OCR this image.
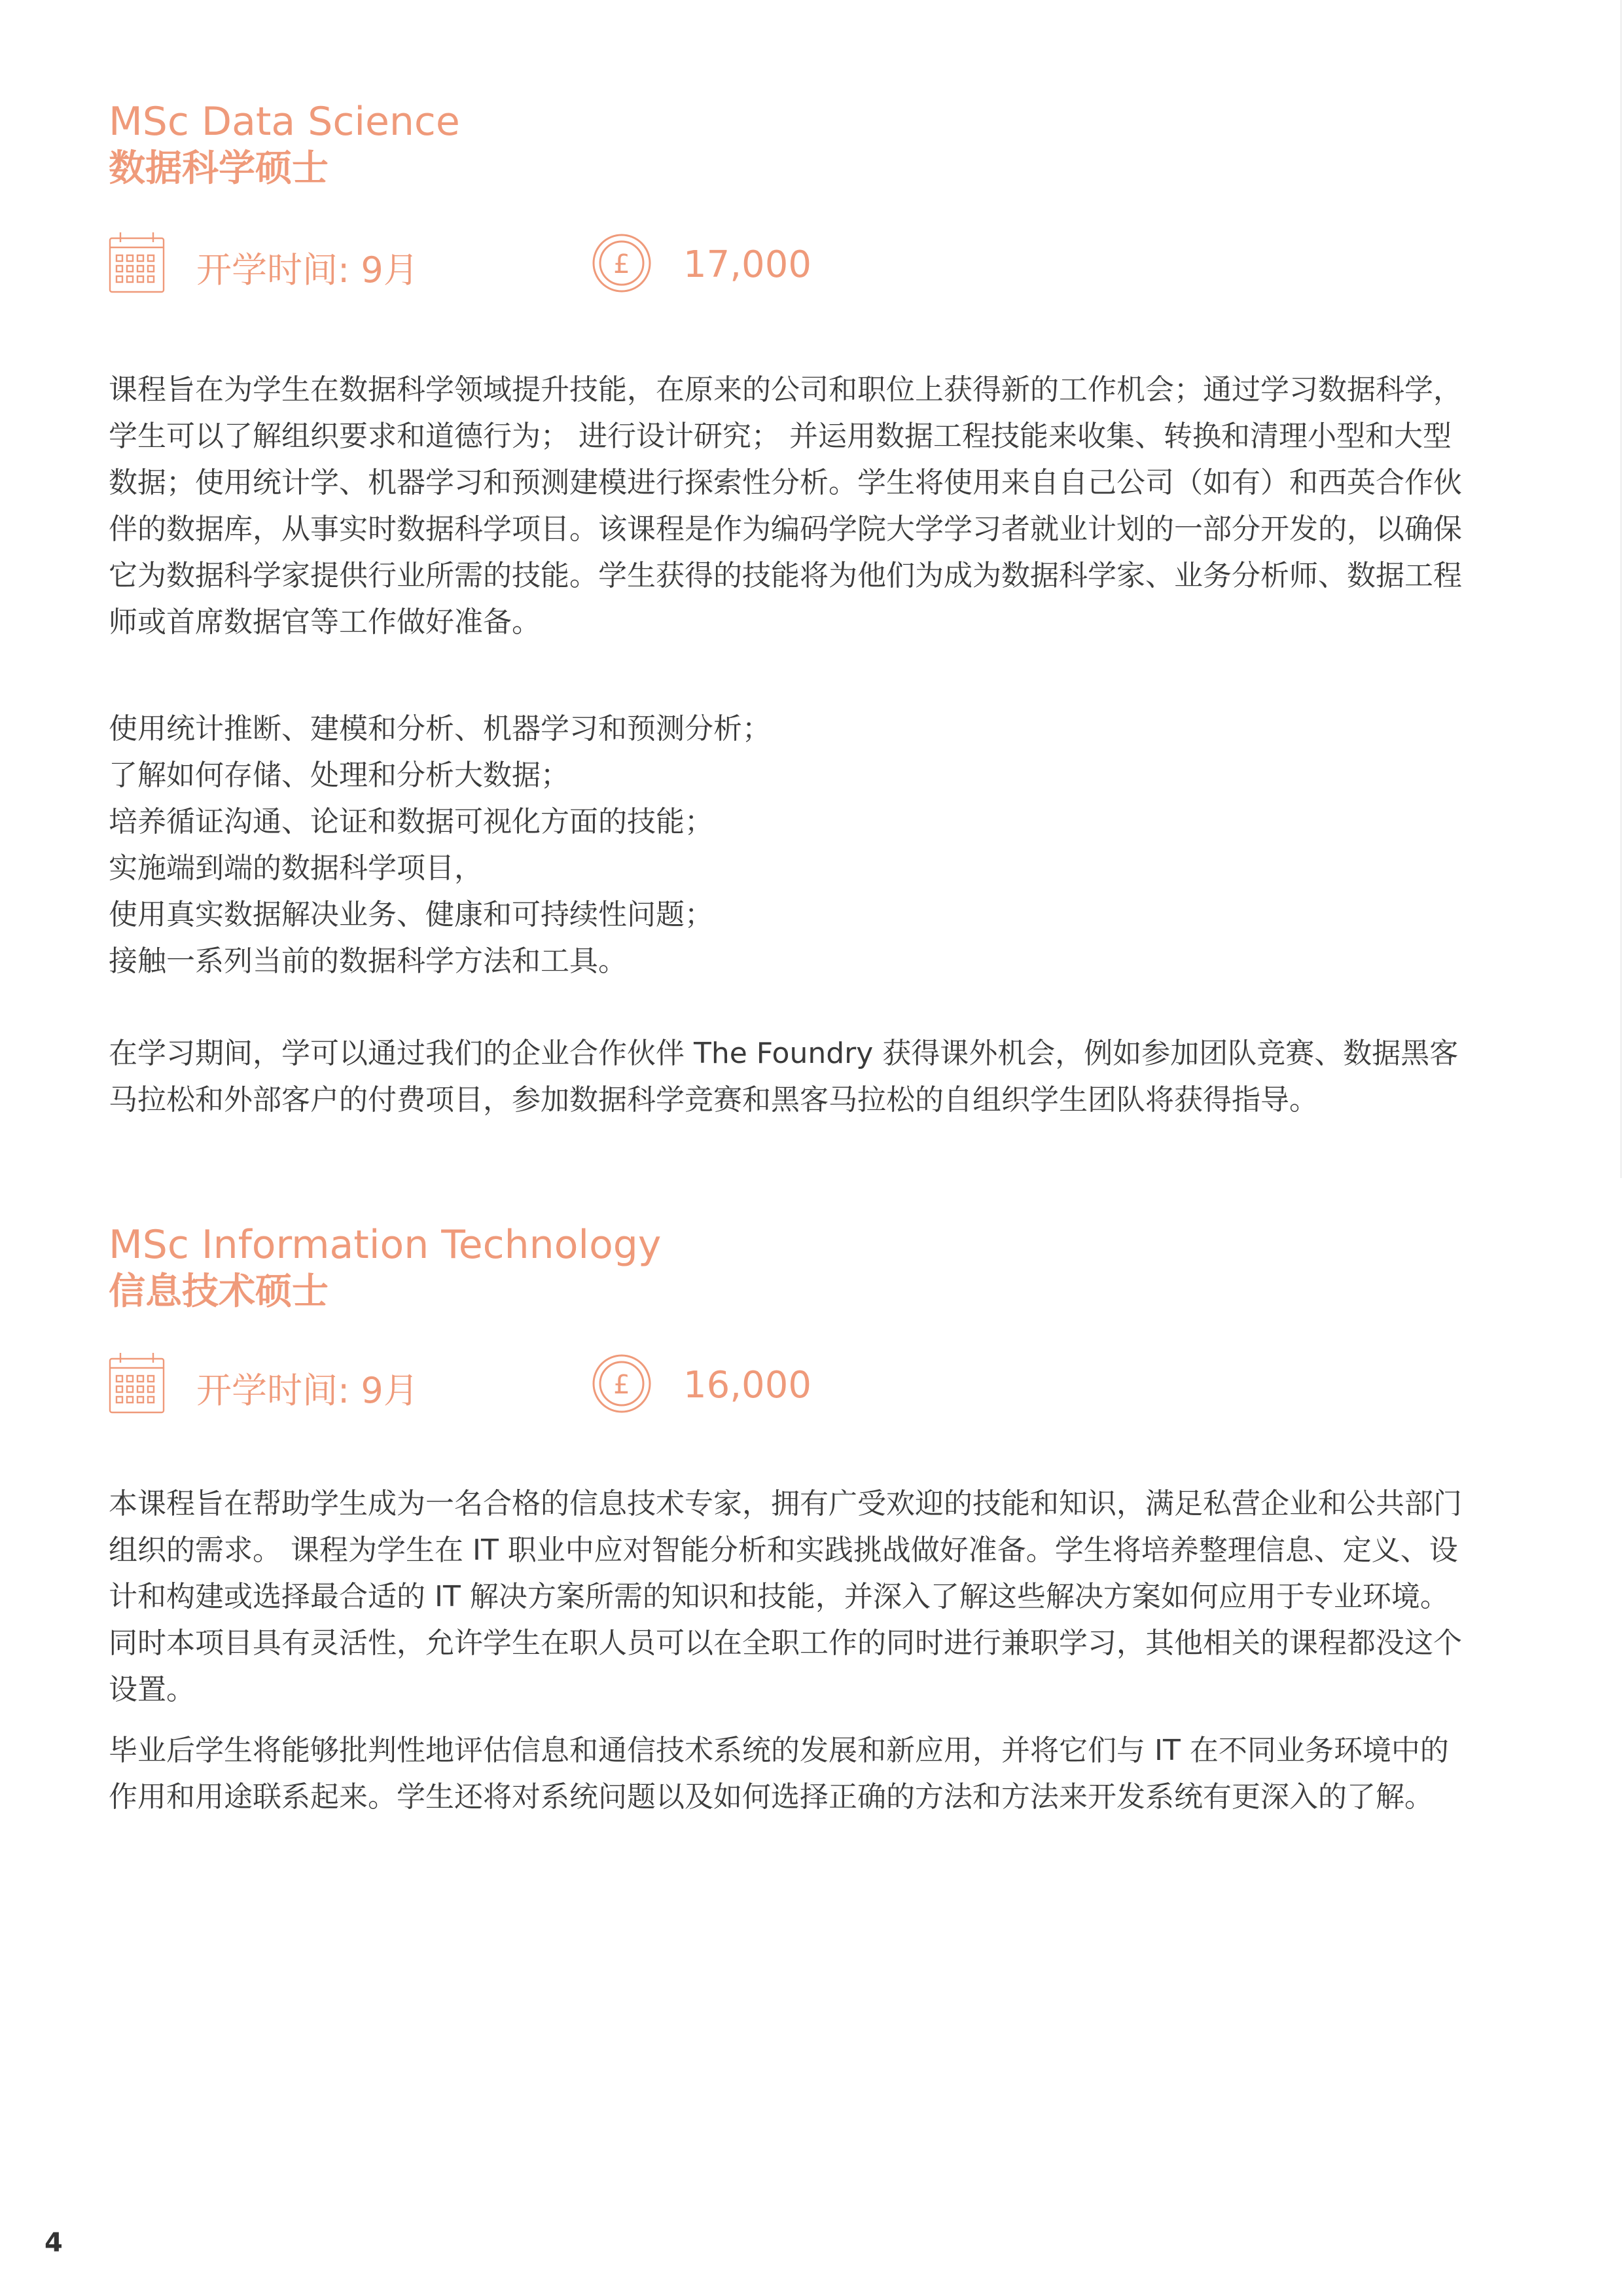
MSc Data Science
数据科学硕士
开学时间: 9月	£ 17,000

课程旨在为学生在数据科学领域提升技能，在原来的公司和职位上获得新的工作机会；通过学习数据科学，学生可以了解组织要求和道德行为； 进行设计研究； 并运用数据工程技能来收集、转换和清理小型和大型数据；使用统计学、机器学习和预测建模进行探索性分析。学生将使用来自自己公司（如有）和西英合作伙伴的数据库，从事实时数据科学项目。该课程是作为编码学院大学学习者就业计划的一部分开发的，以确保它为数据科学家提供行业所需的技能。学生获得的技能将为他们为成为数据科学家、业务分析师、数据工程师或首席数据官等工作做好准备。

使用统计推断、建模和分析、机器学习和预测分析；
了解如何存储、处理和分析大数据；
培养循证沟通、论证和数据可视化方面的技能；
实施端到端的数据科学项目，
使用真实数据解决业务、健康和可持续性问题；
接触一系列当前的数据科学方法和工具。

在学习期间，学可以通过我们的企业合作伙伴 The Foundry 获得课外机会，例如参加团队竞赛、数据黑客马拉松和外部客户的付费项目，参加数据科学竞赛和黑客马拉松的自组织学生团队将获得指导。

MSc Information Technology
信息技术硕士
开学时间: 9月	£ 16,000

本课程旨在帮助学生成为一名合格的信息技术专家，拥有广受欢迎的技能和知识，满足私营企业和公共部门组织的需求。 课程为学生在 IT 职业中应对智能分析和实践挑战做好准备。学生将培养整理信息、定义、设计和构建或选择最合适的 IT 解决方案所需的知识和技能，并深入了解这些解决方案如何应用于专业环境。 同时本项目具有灵活性，允许学生在职人员可以在全职工作的同时进行兼职学习，其他相关的课程都没这个设置。

毕业后学生将能够批判性地评估信息和通信技术系统的发展和新应用，并将它们与 IT 在不同业务环境中的作用和用途联系起来。学生还将对系统问题以及如何选择正确的方法和方法来开发系统有更深入的了解。

4
